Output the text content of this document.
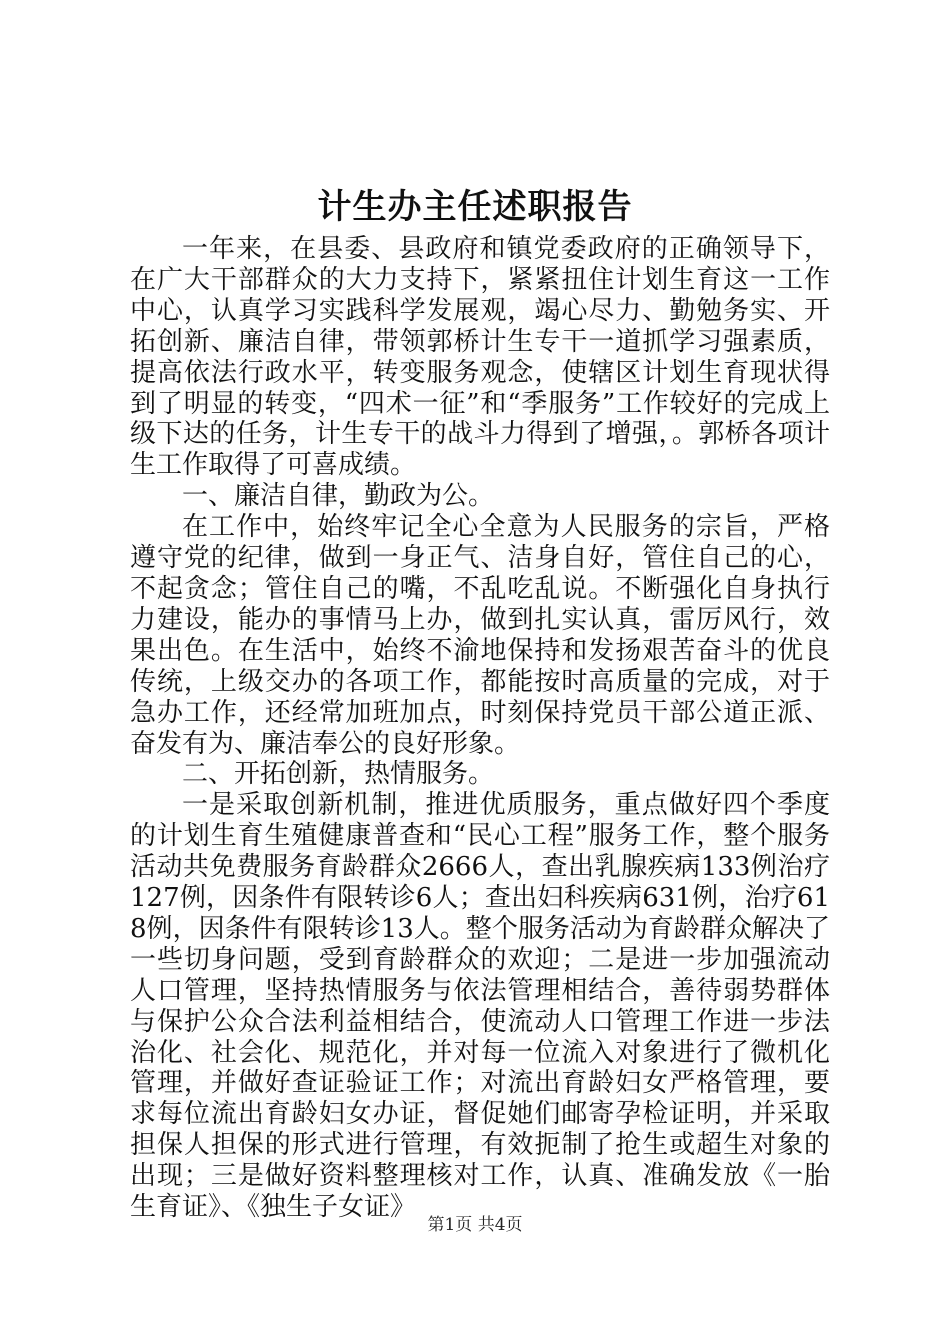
计生办主任述职报告

一年来，在县委、县政府和镇党委政府的正确领导下，在广大干部群众的大力支持下，紧紧扭住计划生育这一工作中心，认真学习实践科学发展观，竭心尽力、勤勉务实、开拓创新、廉洁自律，带领郭桥计生专干一道抓学习强素质，提高依法行政水平，转变服务观念，使辖区计划生育现状得到了明显的转变，“四术一征”和“季服务”工作较好的完成上级下达的任务，计生专干的战斗力得到了增强，。郭桥各项计生工作取得了可喜成绩。

一、廉洁自律，勤政为公。

在工作中，始终牢记全心全意为人民服务的宗旨，严格遵守党的纪律，做到一身正气、洁身自好，管住自己的心，不起贪念；管住自己的嘴，不乱吃乱说。不断强化自身执行力建设，能办的事情马上办，做到扎实认真，雷厉风行，效果出色。在生活中，始终不渝地保持和发扬艰苦奋斗的优良传统，上级交办的各项工作，都能按时高质量的完成，对于急办工作，还经常加班加点，时刻保持党员干部公道正派、奋发有为、廉洁奉公的良好形象。

二、开拓创新，热情服务。

一是采取创新机制，推进优质服务，重点做好四个季度的计划生育生殖健康普查和“民心工程”服务工作，整个服务活动共免费服务育龄群众2666人，查出乳腺疾病133例治疗127例，因条件有限转诊6人；查出妇科疾病631例，治疗618例，因条件有限转诊13人。整个服务活动为育龄群众解决了一些切身问题，受到育龄群众的欢迎；二是进一步加强流动人口管理，坚持热情服务与依法管理相结合，善待弱势群体与保护公众合法利益相结合，使流动人口管理工作进一步法治化、社会化、规范化，并对每一位流入对象进行了微机化管理，并做好查证验证工作；对流出育龄妇女严格管理，要求每位流出育龄妇女办证，督促她们邮寄孕检证明，并采取担保人担保的形式进行管理，有效扼制了抢生或超生对象的出现；三是做好资料整理核对工作，认真、准确发放《一胎生育证》、《独生子女证》

第1页 共4页
